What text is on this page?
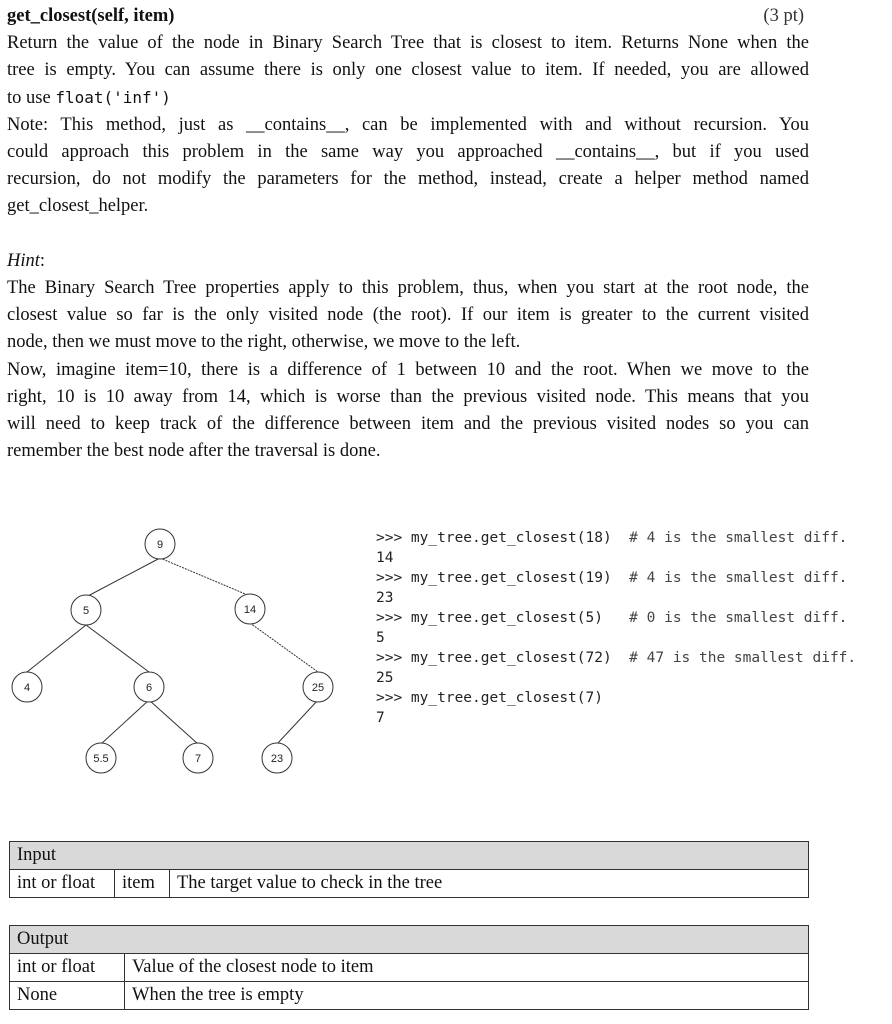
get_closest(self, item)	(3 pt)
Return the value of the node in Binary Search Tree that is closest to item. Returns None when the
tree is empty. You can assume there is only one closest value to item. If needed, you are allowed
to use float('inf')
Note: This method, just as __contains__, can be implemented with and without recursion. You
could approach this problem in the same way you approached __contains__, but if you used
recursion, do not modify the parameters for the method, instead, create a helper method named
get_closest_helper.
Hint:
The Binary Search Tree properties apply to this problem, thus, when you start at the root node, the
closest value so far is the only visited node (the root). If our item is greater to the current visited
node, then we must move to the right, otherwise, we move to the left.
Now, imagine item=10, there is a difference of 1 between 10 and the root. When we move to the
right, 10 is 10 away from 14, which is worse than the previous visited node. This means that you
will need to keep track of the difference between item and the previous visited nodes so you can
remember the best node after the traversal is done.
9
5	14
4	6	25
5.5	7	23
>>> my_tree.get_closest(18) # 4 is the smallest diff.
14
>>> my_tree.get_closest(19) # 4 is the smallest diff.
23
>>> my_tree.get_closest(5)   # 0 is the smallest diff.
5
>>> my_tree.get_closest(72) # 47 is the smallest diff.
25
>>> my_tree.get_closest(7)
7
Input
int or float	item	The target value to check in the tree
Output	
int or float	Value of the closest node to item
None	When the tree is empty
